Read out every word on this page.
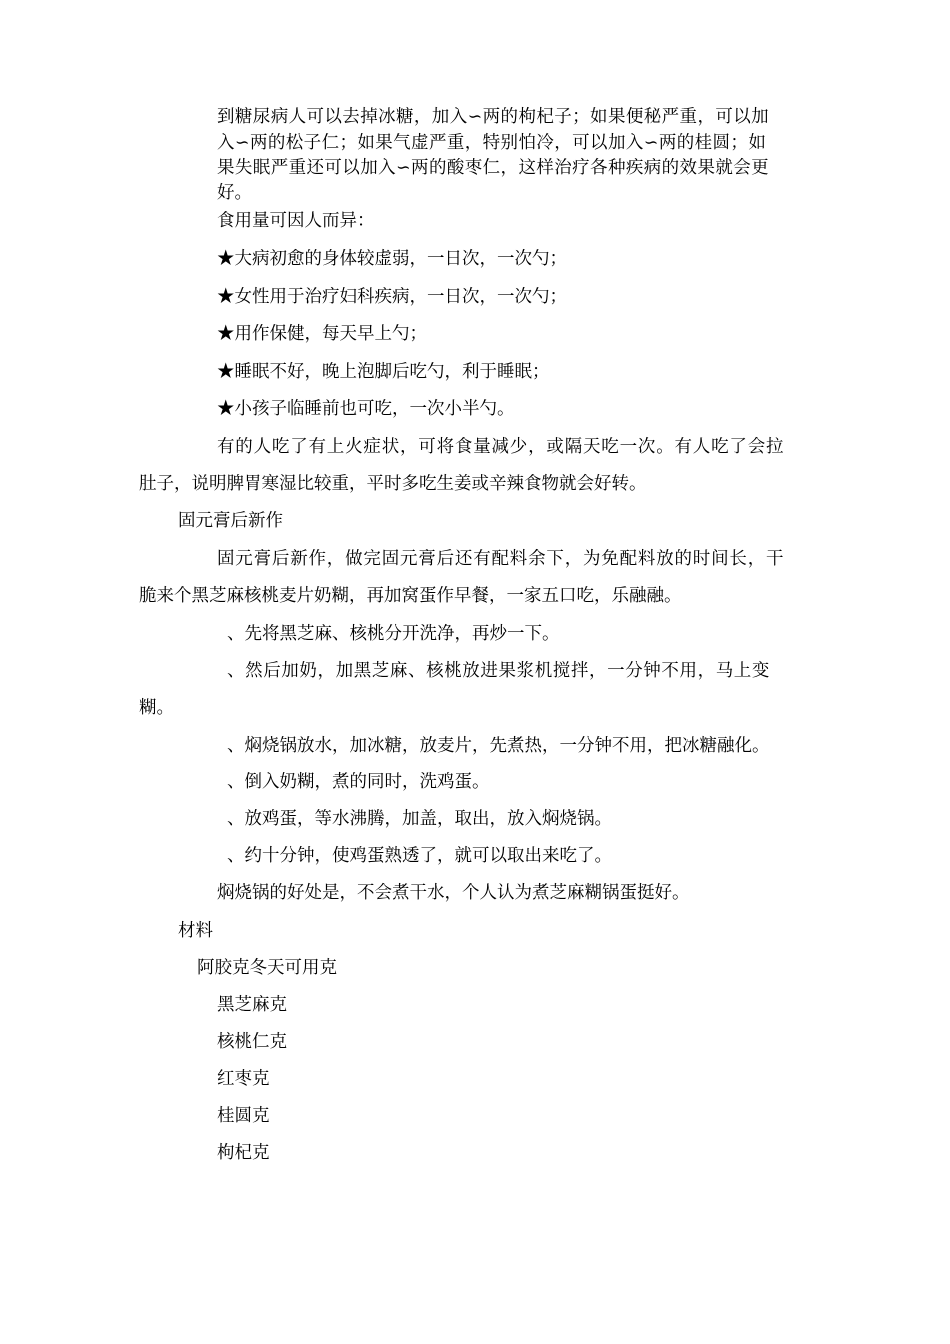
到糖尿病人可以去掉冰糖，加入∽两的枸杞子；如果便秘严重，可以加

入∽两的松子仁；如果气虚严重，特别怕冷，可以加入∽两的桂圆；如

果失眠严重还可以加入∽两的酸枣仁，这样治疗各种疾病的效果就会更

好。

食用量可因人而异：

★大病初愈的身体较虚弱，一日次，一次勺；

★女性用于治疗妇科疾病，一日次，一次勺；

★用作保健，每天早上勺；

★睡眠不好，晚上泡脚后吃勺，利于睡眠；

★小孩子临睡前也可吃，一次小半勺。

有的人吃了有上火症状，可将食量减少，或隔天吃一次。有人吃了会拉

肚子，说明脾胃寒湿比较重，平时多吃生姜或辛辣食物就会好转。

固元膏后新作

固元膏后新作，做完固元膏后还有配料余下，为免配料放的时间长，干

脆来个黑芝麻核桃麦片奶糊，再加窝蛋作早餐，一家五口吃，乐融融。

、先将黑芝麻、核桃分开洗净，再炒一下。

、然后加奶，加黑芝麻、核桃放进果浆机搅拌，一分钟不用，马上变

糊。

、焖烧锅放水，加冰糖，放麦片，先煮热，一分钟不用，把冰糖融化。

、倒入奶糊，煮的同时，洗鸡蛋。

、放鸡蛋，等水沸腾，加盖，取出，放入焖烧锅。

、约十分钟，使鸡蛋熟透了，就可以取出来吃了。

焖烧锅的好处是，不会煮干水，个人认为煮芝麻糊锅蛋挺好。

材料

阿胶克冬天可用克

黑芝麻克

核桃仁克

红枣克

桂圆克

枸杞克
